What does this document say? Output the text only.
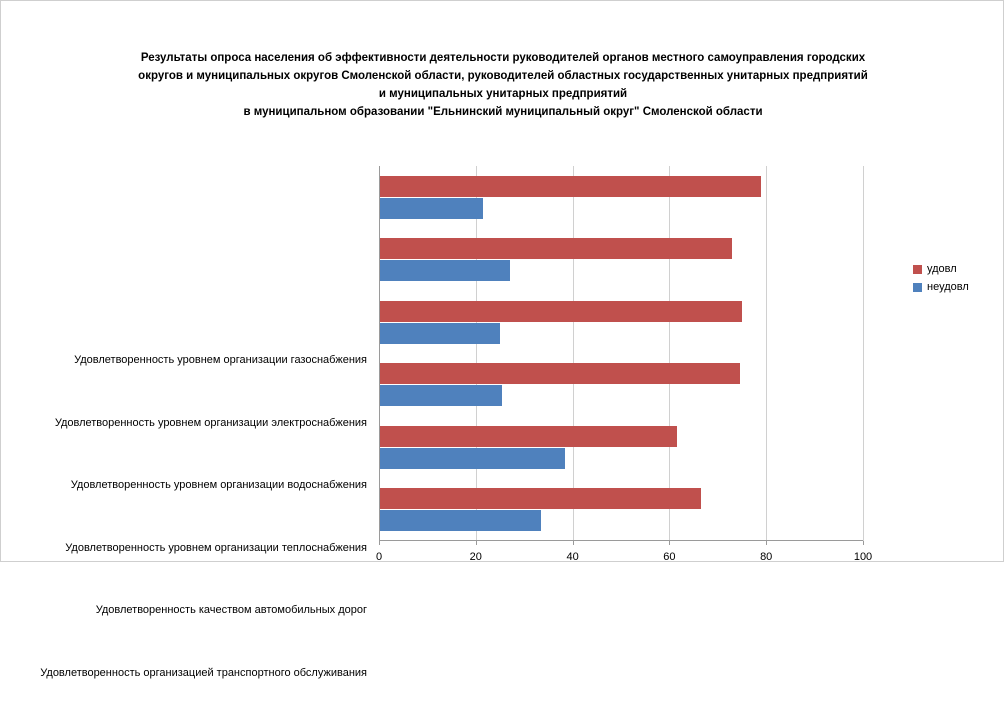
Результаты опроса населения об эффективности деятельности руководителей органов местного самоуправления городских
округов и муниципальных округов Смоленской области, руководителей областных государственных унитарных предприятий
и муниципальных унитарных предприятий
в муниципальном образовании "Ельнинский муниципальный округ" Смоленской области
0	20	40	60	80	100
Удовлетворенность уровнем организации газоснабжения
Удовлетворенность уровнем организации электроснабжения
Удовлетворенность уровнем организации водоснабжения
Удовлетворенность уровнем организации теплоснабжения
Удовлетворенность качеством автомобильных дорог
Удовлетворенность организацией транспортного обслуживания
удовл
неудовл
